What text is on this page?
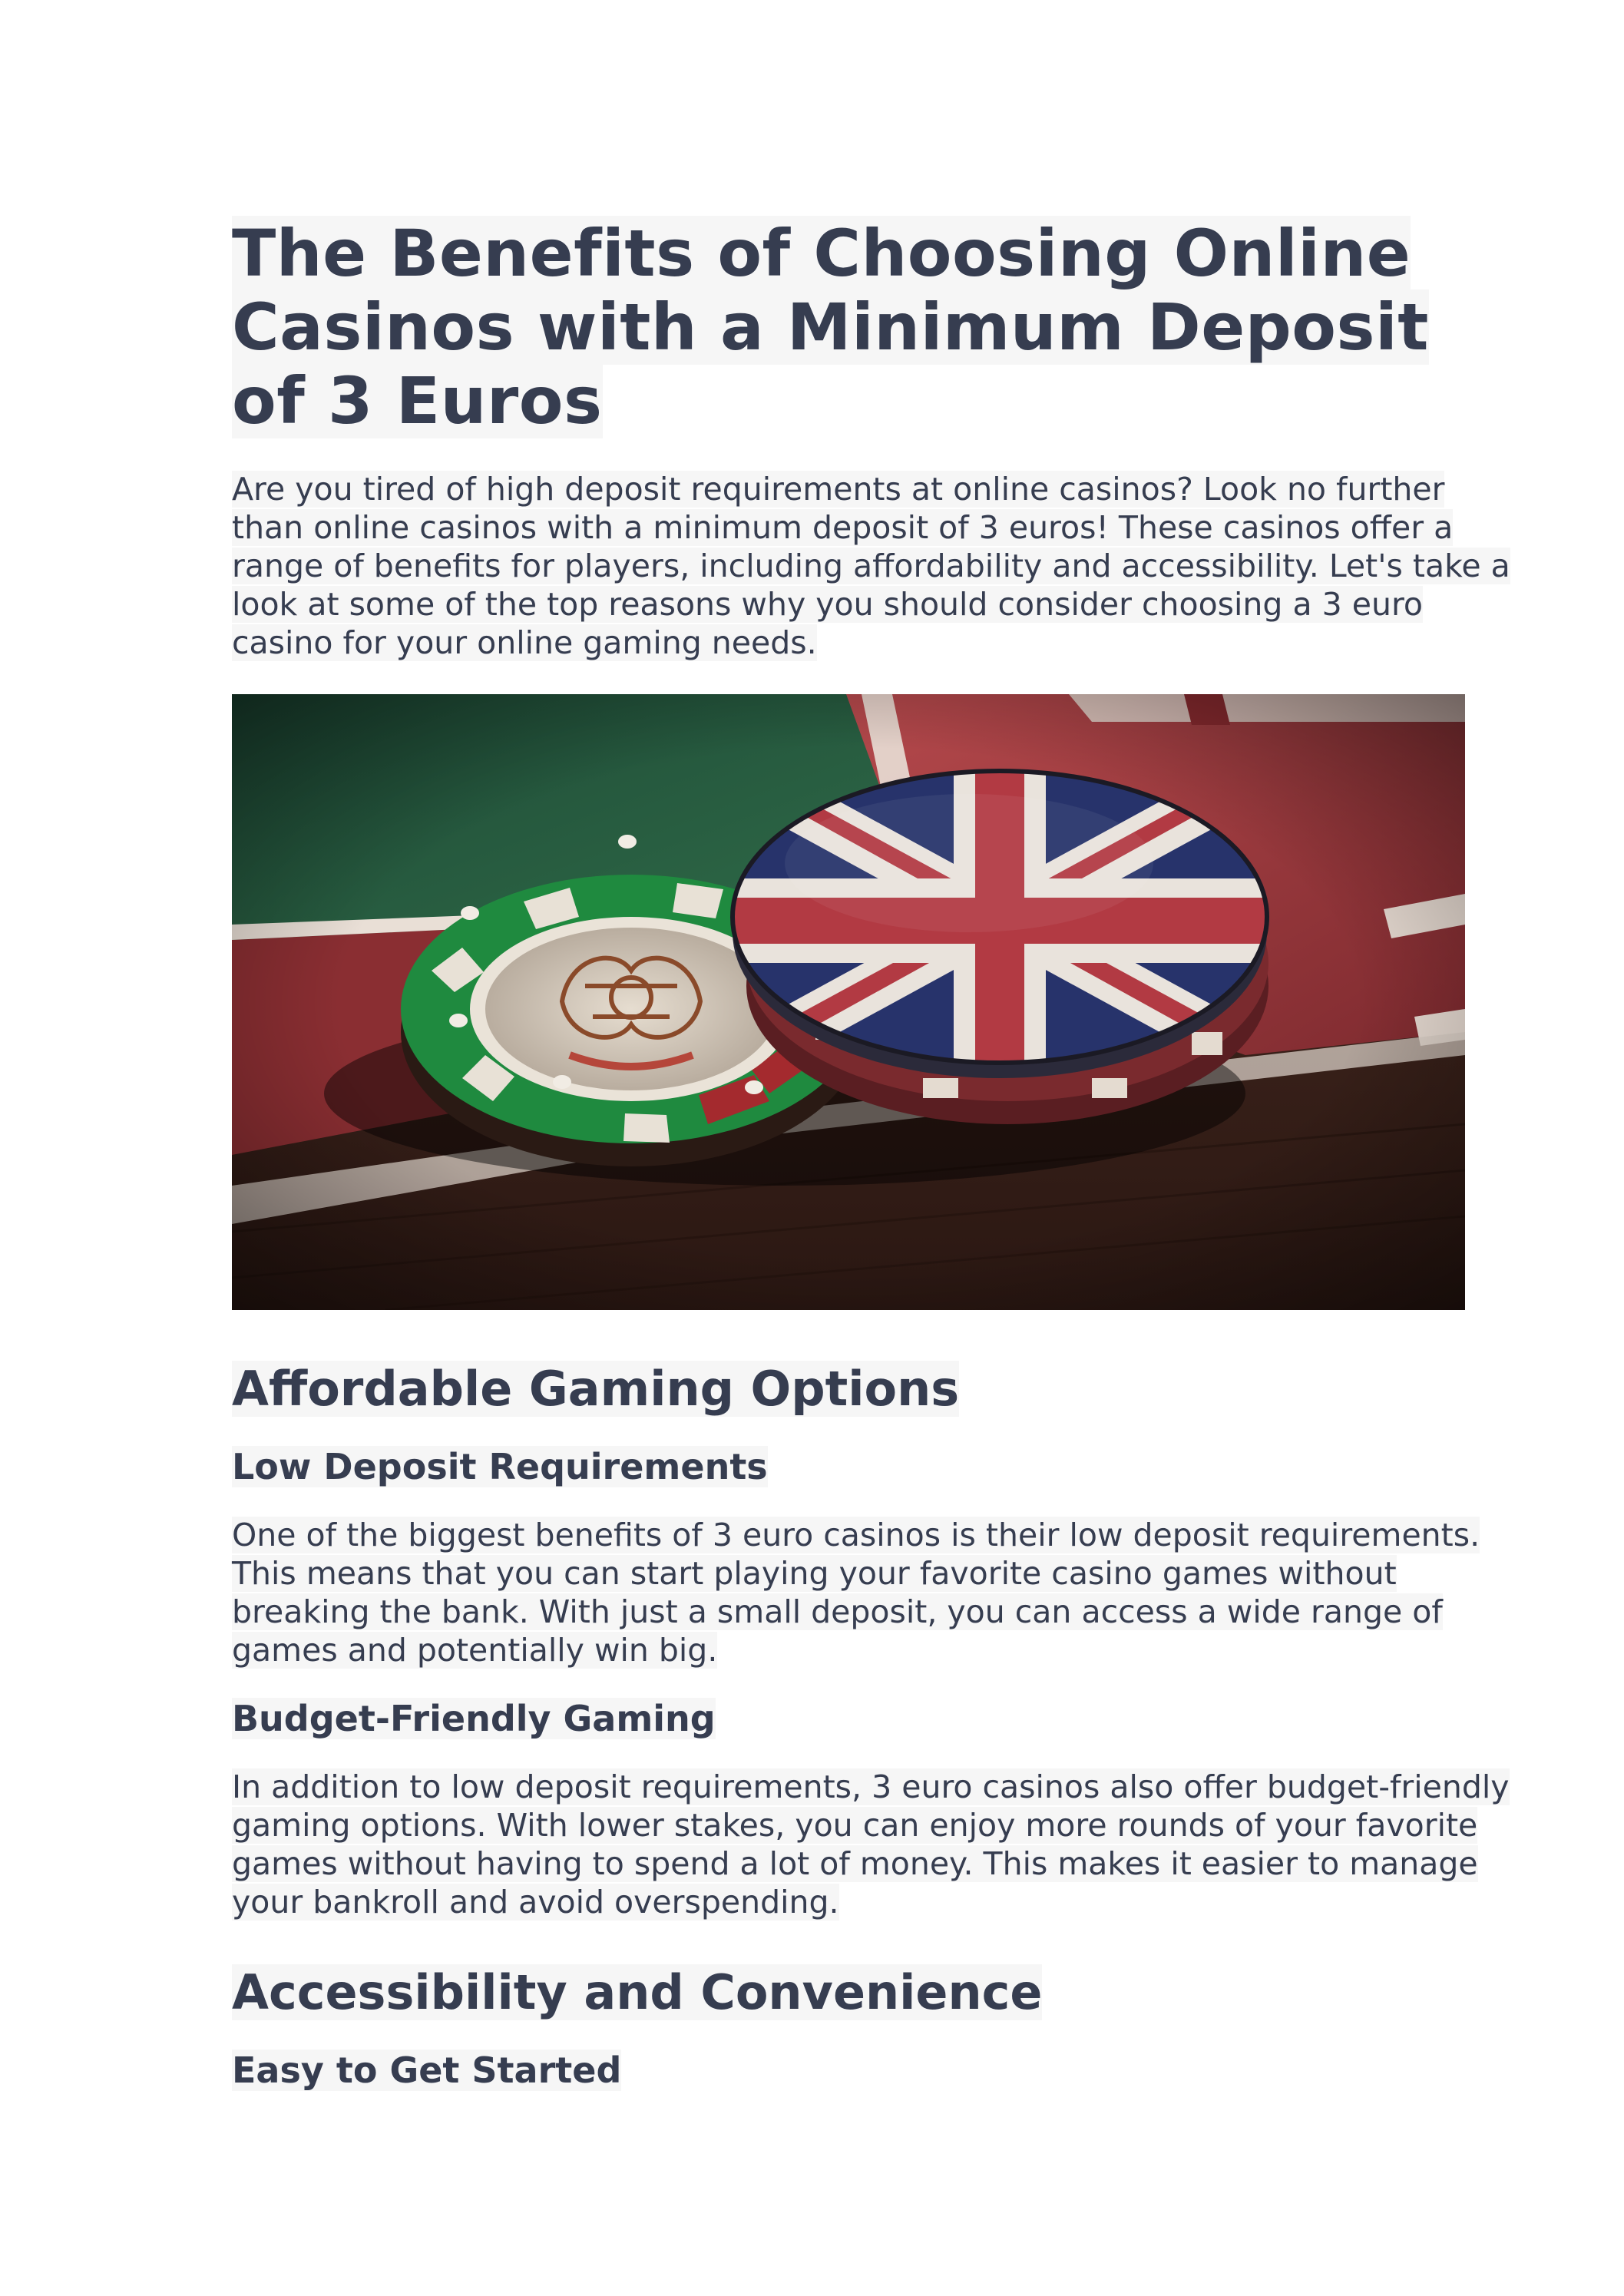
The Benefits of Choosing Online Casinos with a Minimum Deposit of 3 Euros

Are you tired of high deposit requirements at online casinos? Look no further than online casinos with a minimum deposit of 3 euros! These casinos offer a range of benefits for players, including affordability and accessibility. Let's take a look at some of the top reasons why you should consider choosing a 3 euro casino for your online gaming needs.

Affordable Gaming Options
Low Deposit Requirements

One of the biggest benefits of 3 euro casinos is their low deposit requirements. This means that you can start playing your favorite casino games without breaking the bank. With just a small deposit, you can access a wide range of games and potentially win big.

Budget-Friendly Gaming

In addition to low deposit requirements, 3 euro casinos also offer budget-friendly gaming options. With lower stakes, you can enjoy more rounds of your favorite games without having to spend a lot of money. This makes it easier to manage your bankroll and avoid overspending.

Accessibility and Convenience
Easy to Get Started
